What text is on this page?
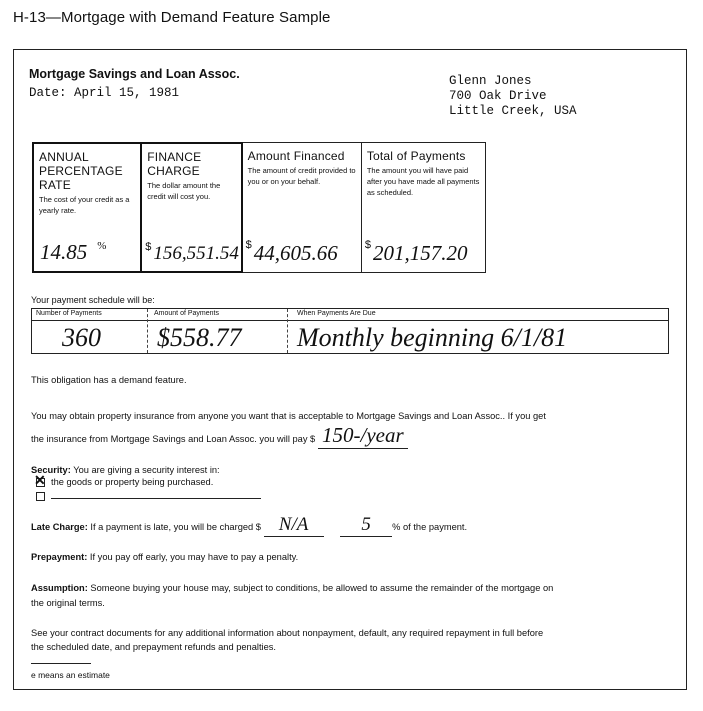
H-13—Mortgage with Demand Feature Sample
Mortgage Savings and Loan Assoc.
Date: April 15, 1981
Glenn Jones
700 Oak Drive
Little Creek, USA
ANNUAL PERCENTAGE RATE
The cost of your credit as a yearly rate.
14.85 %
FINANCE CHARGE
The dollar amount the credit will cost you.
$ 156,551.54
Amount Financed
The amount of credit provided to you or on your behalf.
$44,605.66
Total of Payments
The amount you will have paid after you have made all payments as scheduled.
$201,157.20
Your payment schedule will be:
Number of Payments	Amount of Payments	When Payments Are Due
360 $558.77 Monthly beginning 6/1/81
This obligation has a demand feature.
You may obtain property insurance from anyone you want that is acceptable to Mortgage Savings and Loan Assoc.. If you get
the insurance from Mortgage Savings and Loan Assoc. you will pay $ 150-/year
Security: You are giving a security interest in:
✕the goods or property being purchased.
Late Charge: If a payment is late, you will be charged $ N/A	5 % of the payment.
Prepayment: If you pay off early, you may have to pay a penalty.
Assumption: Someone buying your house may, subject to conditions, be allowed to assume the remainder of the mortgage on
the original terms.
See your contract documents for any additional information about nonpayment, default, any required repayment in full before
the scheduled date, and prepayment refunds and penalties.
e means an estimate
